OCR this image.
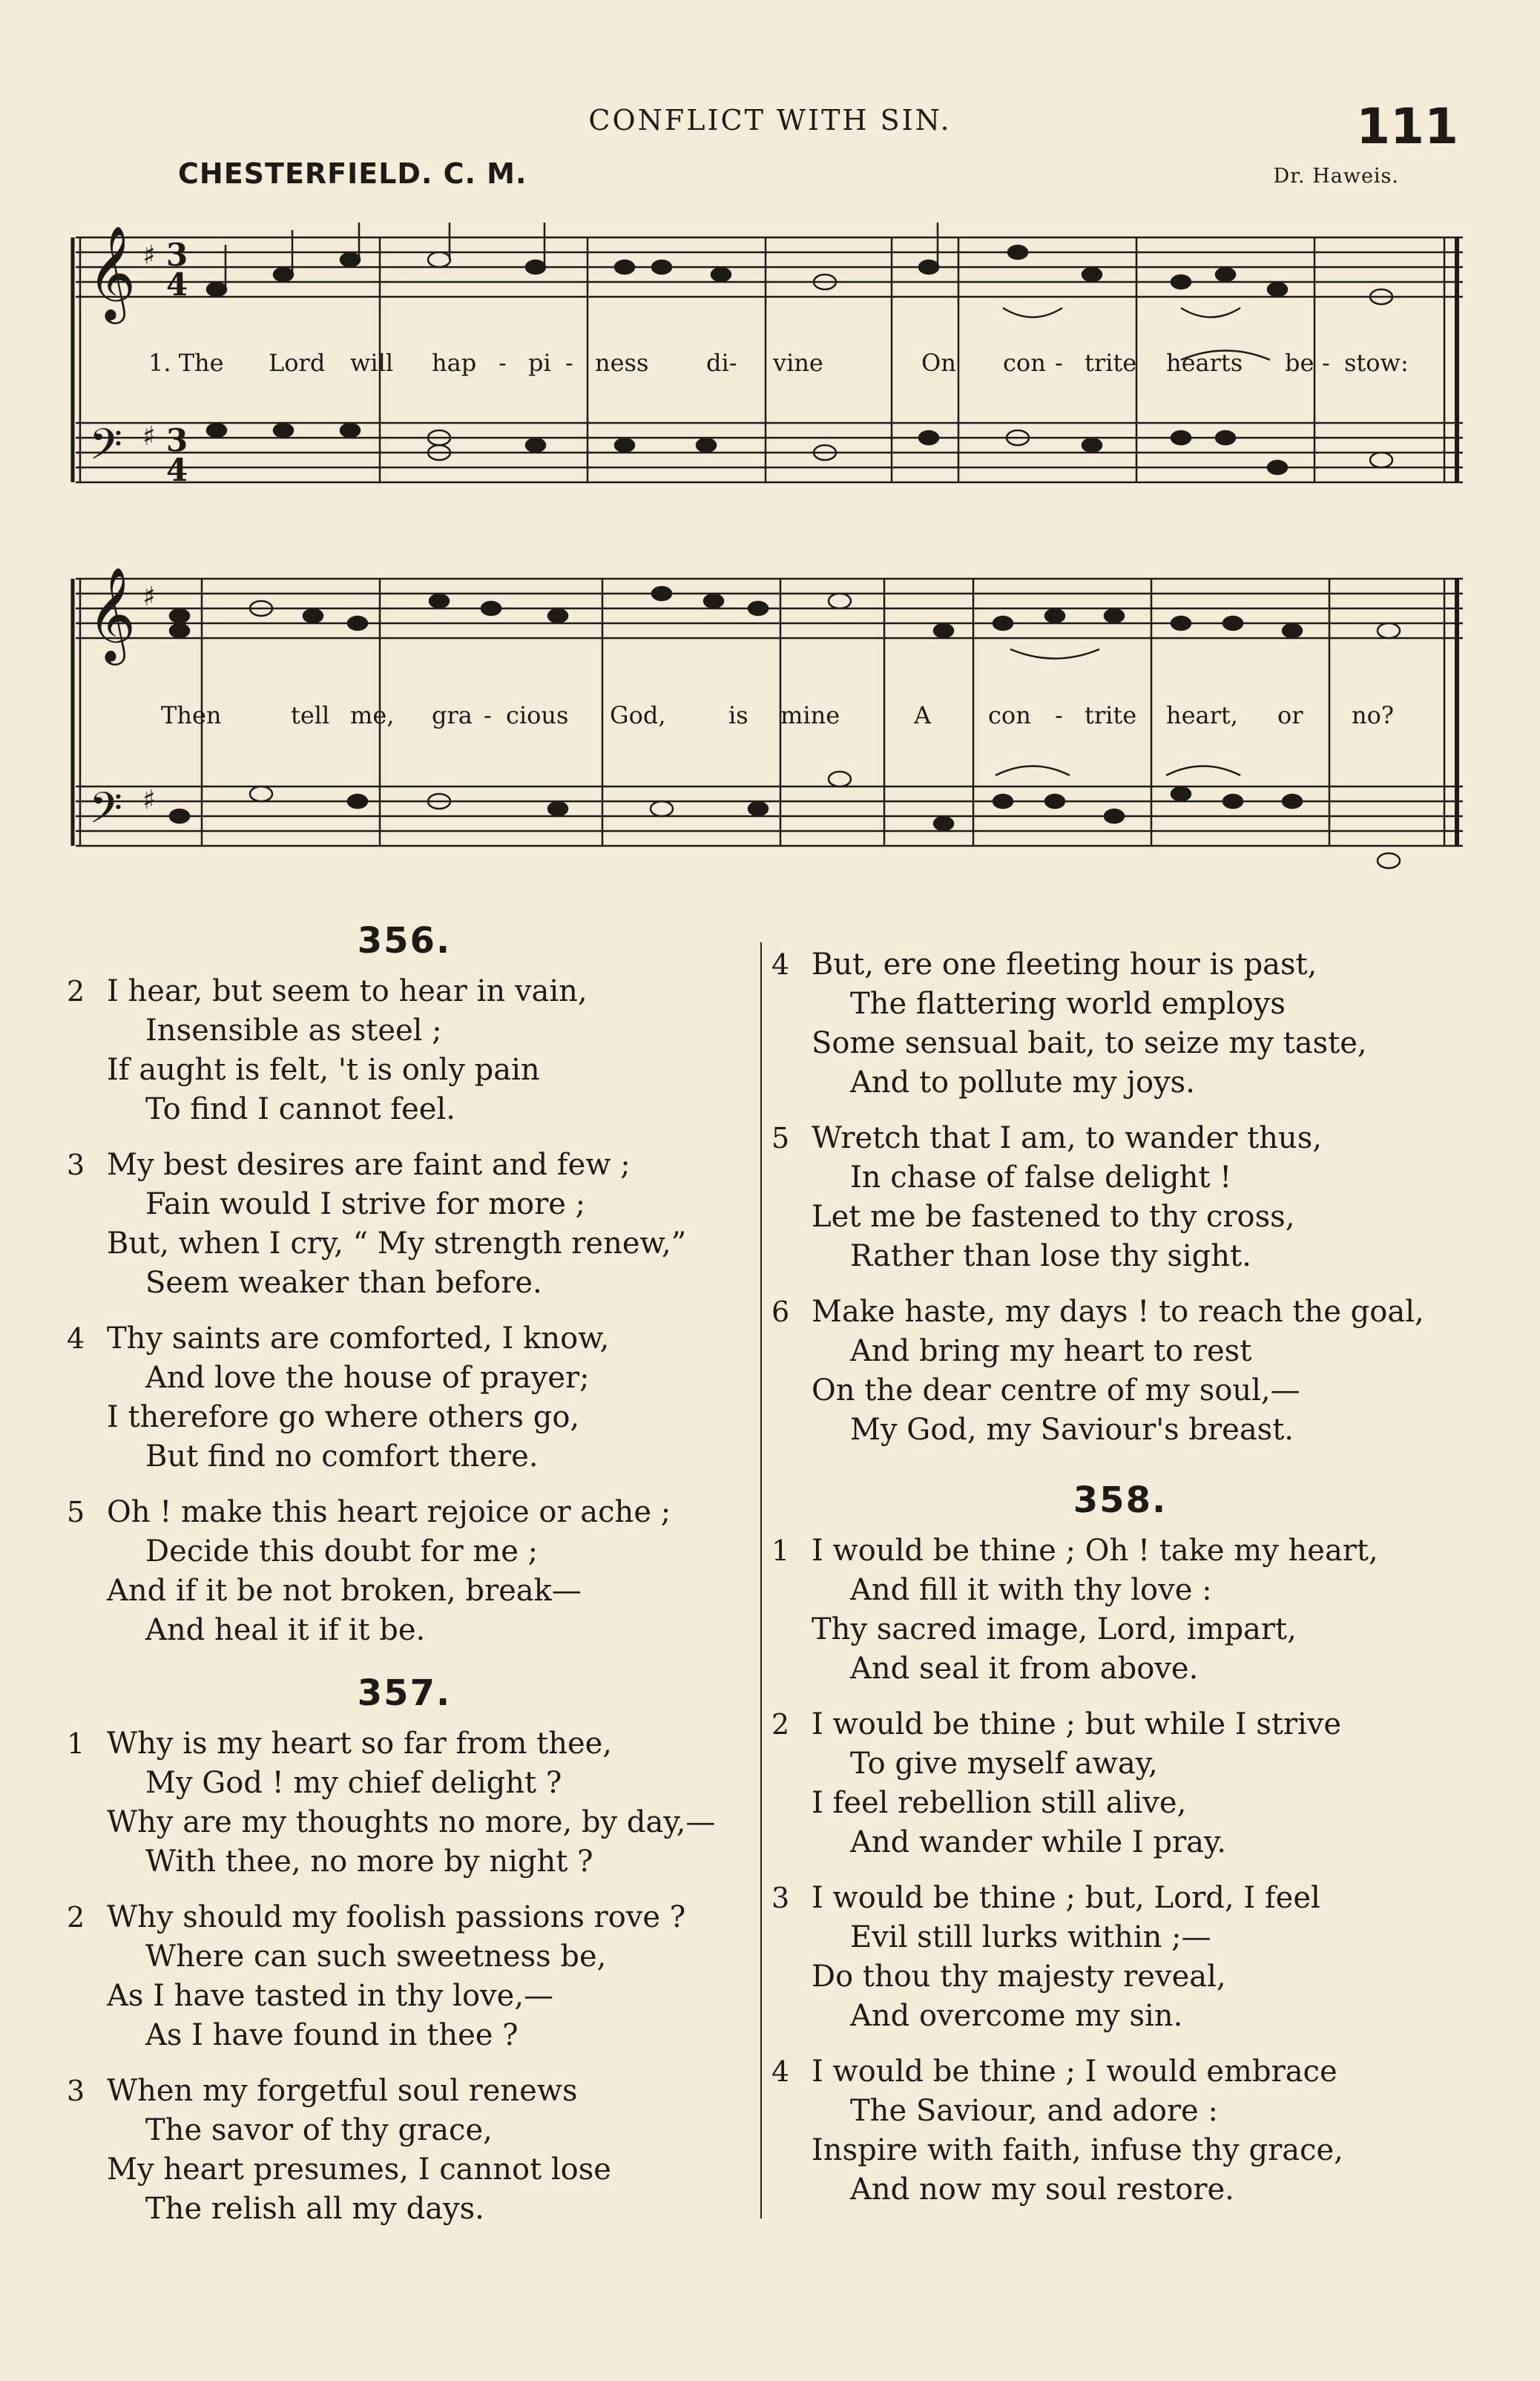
CONFLICT WITH SIN.	111
CHESTERFIELD. C. M.	Dr. Haweis.
𝄞
𝄢
♯
♯
3
4
3
4
1. The Lord will hap - pi - ness di- vine	On con - trite hearts be - stow:
𝄞
𝄢
♯
♯
Then	tell me, gra - cious God,	is mine	A con - trite heart, or no?
356.
2 I hear, but seem to hear in vain,
Insensible as steel ;
If aught is felt, 't is only pain
To find I cannot feel.
3 My best desires are faint and few ;
Fain would I strive for more ;
But, when I cry, “ My strength renew,”
Seem weaker than before.
4 Thy saints are comforted, I know,
And love the house of prayer;
I therefore go where others go,
But find no comfort there.
5 Oh ! make this heart rejoice or ache ;
Decide this doubt for me ;
And if it be not broken, break—
And heal it if it be.
357.
1 Why is my heart so far from thee,
My God ! my chief delight ?
Why are my thoughts no more, by day,—
With thee, no more by night ?
2 Why should my foolish passions rove ?
Where can such sweetness be,
As I have tasted in thy love,—
As I have found in thee ?
3 When my forgetful soul renews
The savor of thy grace,
My heart presumes, I cannot lose
The relish all my days.
4 But, ere one fleeting hour is past,
The flattering world employs
Some sensual bait, to seize my taste,
And to pollute my joys.
5 Wretch that I am, to wander thus,
In chase of false delight !
Let me be fastened to thy cross,
Rather than lose thy sight.
6 Make haste, my days ! to reach the goal,
And bring my heart to rest
On the dear centre of my soul,—
My God, my Saviour's breast.
358.
1 I would be thine ; Oh ! take my heart,
And fill it with thy love :
Thy sacred image, Lord, impart,
And seal it from above.
2 I would be thine ; but while I strive
To give myself away,
I feel rebellion still alive,
And wander while I pray.
3 I would be thine ; but, Lord, I feel
Evil still lurks within ;—
Do thou thy majesty reveal,
And overcome my sin.
4 I would be thine ; I would embrace
The Saviour, and adore :
Inspire with faith, infuse thy grace,
And now my soul restore.
